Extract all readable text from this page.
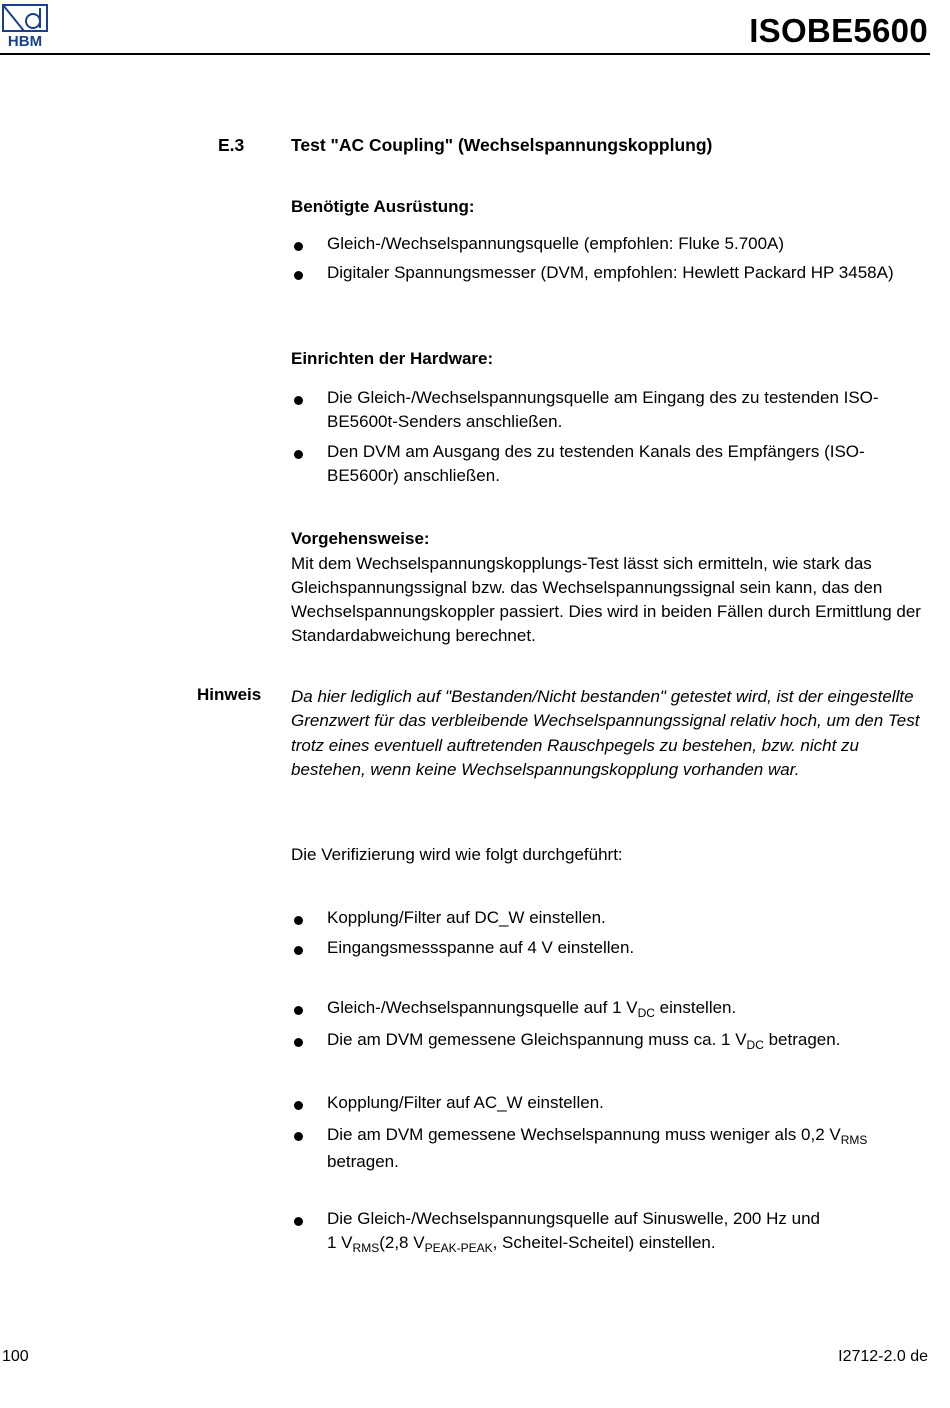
HBM	ISOBE5600
E.3	Test "AC Coupling" (Wechselspannungskopplung)
Benötigte Ausrüstung:
Gleich-/Wechselspannungsquelle (empfohlen: Fluke 5.700A)
Digitaler Spannungsmesser (DVM, empfohlen: Hewlett Packard HP 3458A)
Einrichten der Hardware:
Die Gleich-/Wechselspannungsquelle am Eingang des zu testenden ISO-BE5600t-Senders anschließen.
Den DVM am Ausgang des zu testenden Kanals des Empfängers (ISO-BE5600r) anschließen.
Vorgehensweise:
Mit dem Wechselspannungskopplungs-Test lässt sich ermitteln, wie stark das Gleichspannungssignal bzw. das Wechselspannungssignal sein kann, das den Wechselspannungskoppler passiert. Dies wird in beiden Fällen durch Ermittlung der Standardabweichung berechnet.
Hinweis Da hier lediglich auf "Bestanden/Nicht bestanden" getestet wird, ist der eingestellte Grenzwert für das verbleibende Wechselspannungssignal relativ hoch, um den Test trotz eines eventuell auftretenden Rauschpegels zu bestehen, bzw. nicht zu bestehen, wenn keine Wechselspannungskopplung vorhanden war.
Die Verifizierung wird wie folgt durchgeführt:
Kopplung/Filter auf DC_W einstellen.
Eingangsmessspanne auf 4 V einstellen.
Gleich-/Wechselspannungsquelle auf 1 $V_{DC}$ einstellen.
Die am DVM gemessene Gleichspannung muss ca. 1 $V_{DC}$ betragen.
Kopplung/Filter auf AC_W einstellen.
Die am DVM gemessene Wechselspannung muss weniger als 0,2 $V_{RMS}$
betragen.
Die Gleich-/Wechselspannungsquelle auf Sinuswelle, 200 Hz und
1 $V_{RMS}(2,8$ $V_{PEAK-PEAK}$, Scheitel-Scheitel) einstellen.
100	I2712-2.0 de
